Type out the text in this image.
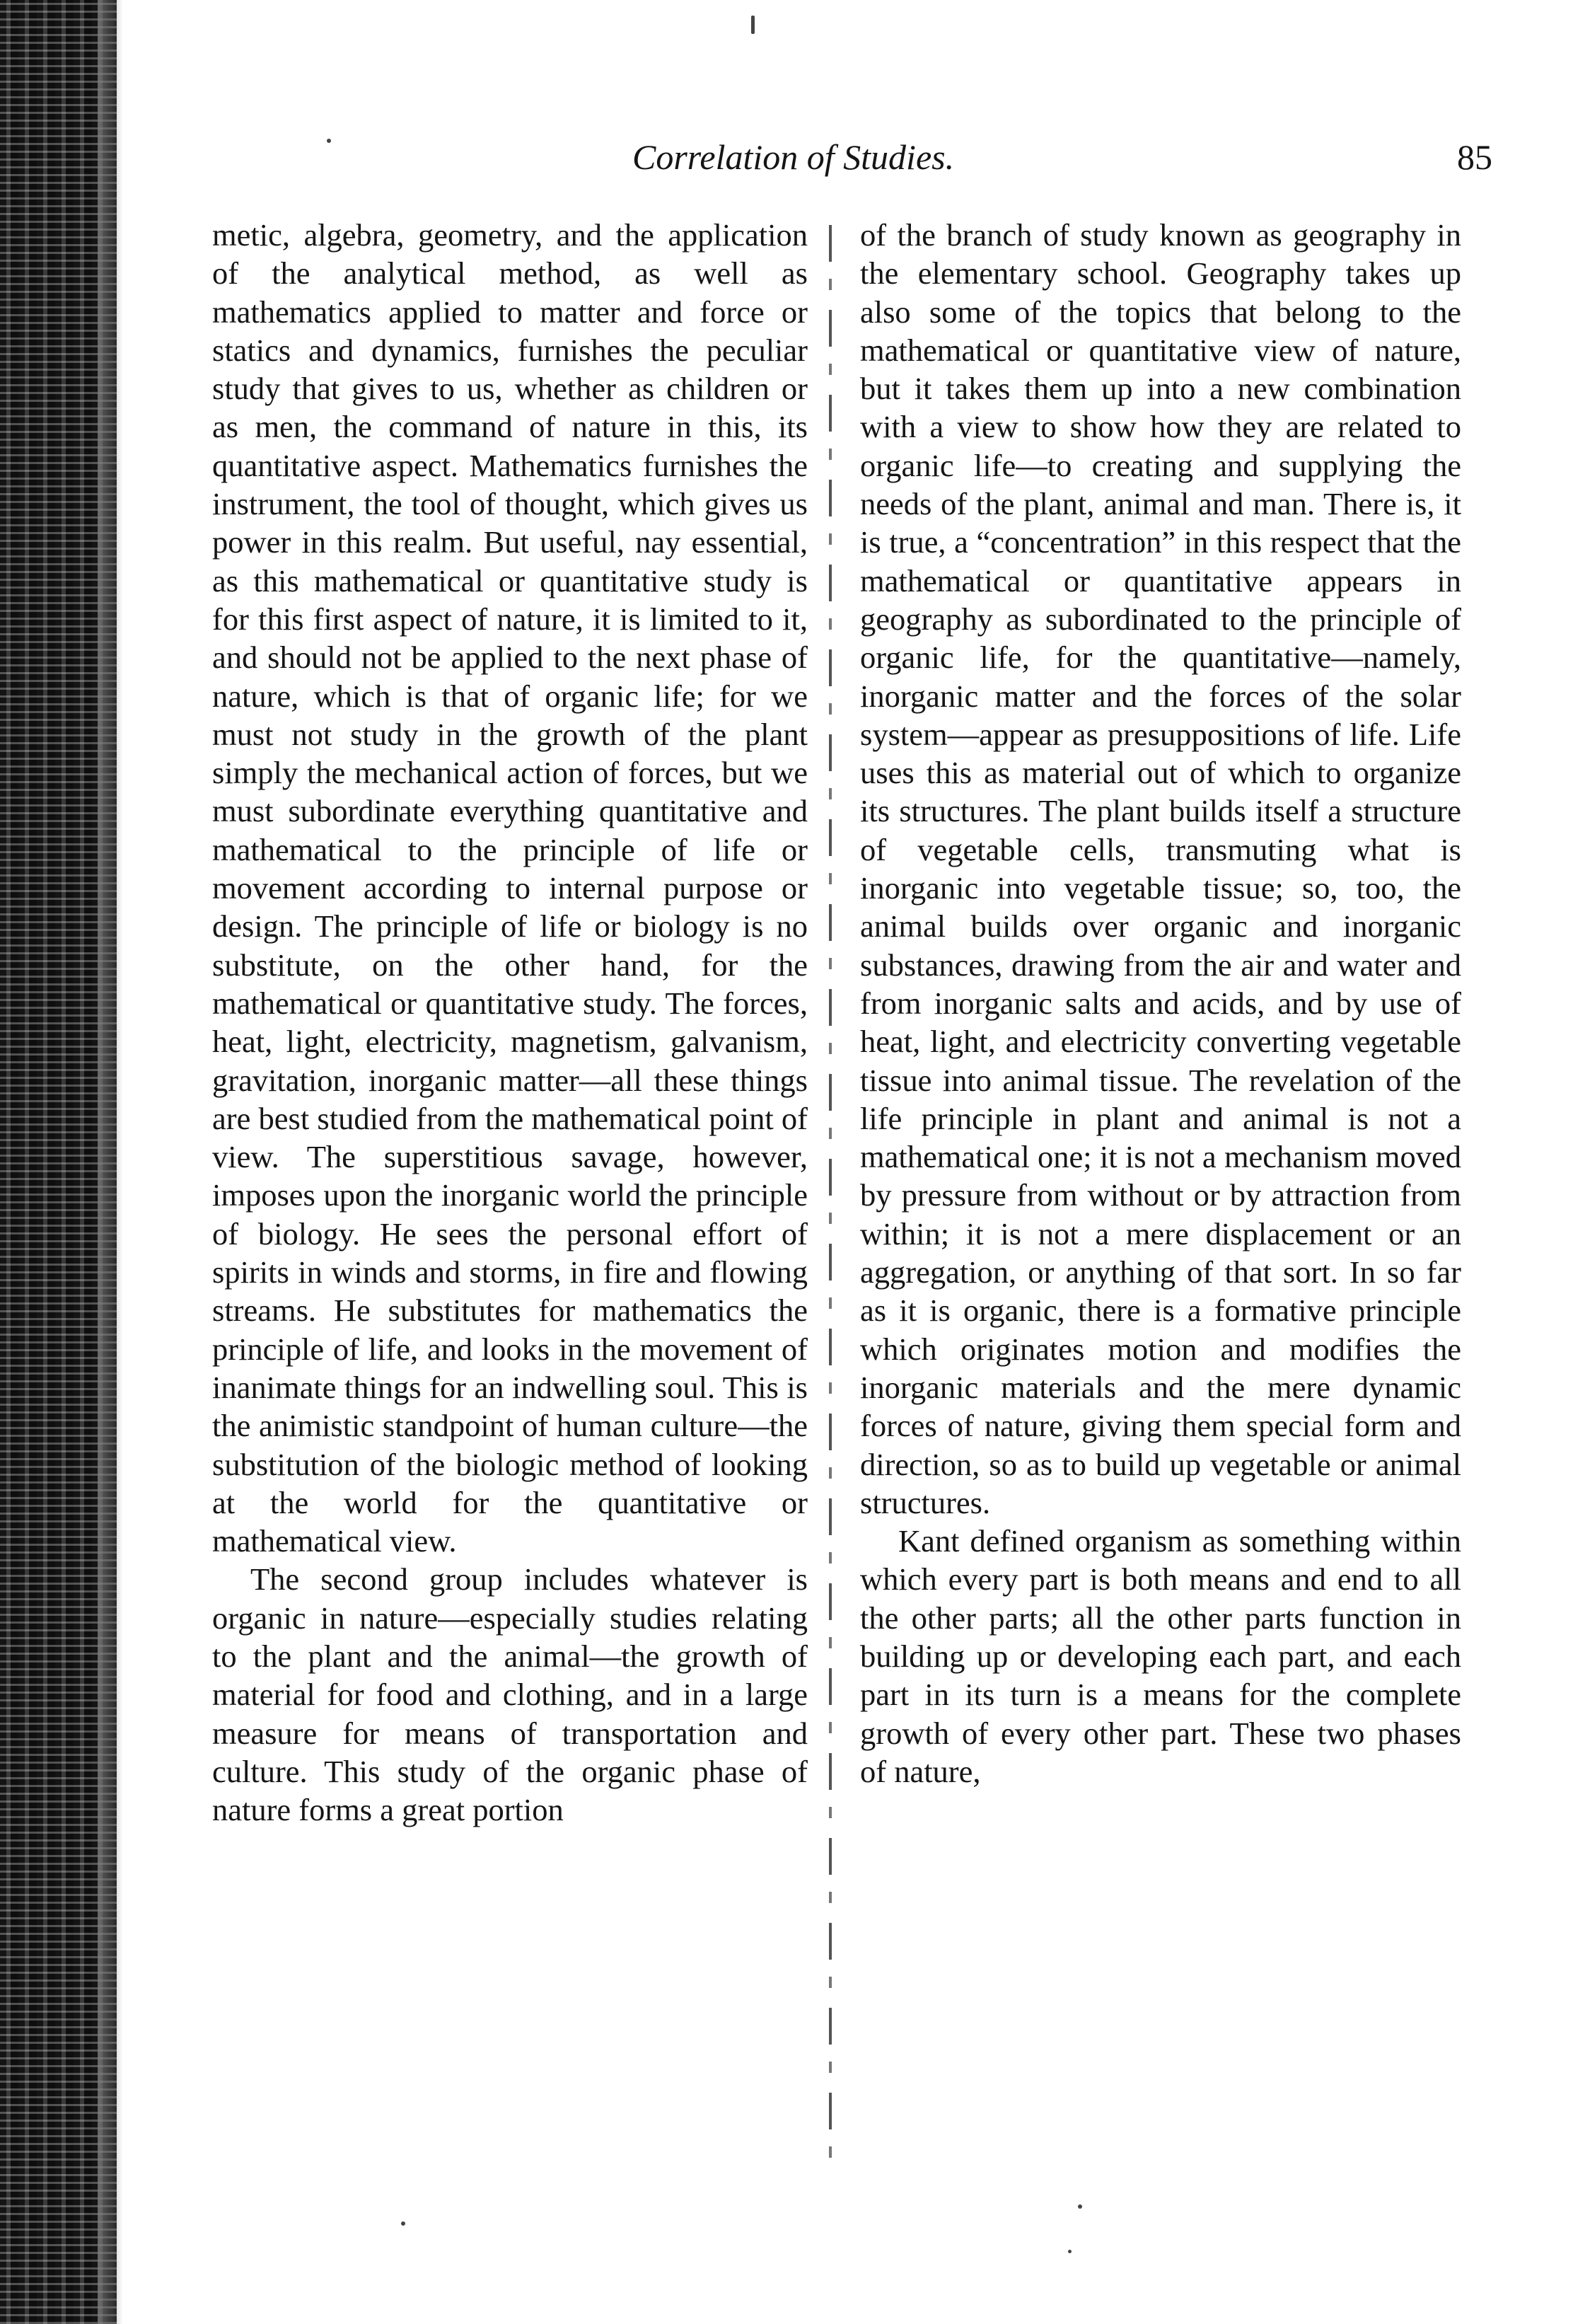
Correlation of Studies.	85

metic, algebra, geometry, and the application of the analytical method, as well as mathematics applied to matter and force or statics and dynamics, furnishes the peculiar study that gives to us, whether as children or as men, the command of nature in this, its quantitative aspect. Mathematics furnishes the instrument, the tool of thought, which gives us power in this realm. But useful, nay essential, as this mathematical or quantitative study is for this first aspect of nature, it is limited to it, and should not be applied to the next phase of nature, which is that of organic life; for we must not study in the growth of the plant simply the mechanical action of forces, but we must subordinate everything quantitative and mathematical to the principle of life or movement according to internal purpose or design. The principle of life or biology is no substitute, on the other hand, for the mathematical or quantitative study. The forces, heat, light, electricity, magnetism, galvanism, gravitation, inorganic matter—all these things are best studied from the mathematical point of view. The superstitious savage, however, imposes upon the inorganic world the principle of biology. He sees the personal effort of spirits in winds and storms, in fire and flowing streams. He substitutes for mathematics the principle of life, and looks in the movement of inanimate things for an indwelling soul. This is the animistic standpoint of human culture—the substitution of the biologic method of looking at the world for the quantitative or mathematical view.

The second group includes whatever is organic in nature—especially studies relating to the plant and the animal—the growth of material for food and clothing, and in a large measure for means of transportation and culture. This study of the organic phase of nature forms a great portion

of the branch of study known as geography in the elementary school. Geography takes up also some of the topics that belong to the mathematical or quantitative view of nature, but it takes them up into a new combination with a view to show how they are related to organic life—to creating and supplying the needs of the plant, animal and man. There is, it is true, a “concentration” in this respect that the mathematical or quantitative appears in geography as subordinated to the principle of organic life, for the quantitative—namely, inorganic matter and the forces of the solar system—appear as presuppositions of life. Life uses this as material out of which to organize its structures. The plant builds itself a structure of vegetable cells, transmuting what is inorganic into vegetable tissue; so, too, the animal builds over organic and inorganic substances, drawing from the air and water and from inorganic salts and acids, and by use of heat, light, and electricity converting vegetable tissue into animal tissue. The revelation of the life principle in plant and animal is not a mathematical one; it is not a mechanism moved by pressure from without or by attraction from within; it is not a mere displacement or an aggregation, or anything of that sort. In so far as it is organic, there is a formative principle which originates motion and modifies the inorganic materials and the mere dynamic forces of nature, giving them special form and direction, so as to build up vegetable or animal structures.

Kant defined organism as something within which every part is both means and end to all the other parts; all the other parts function in building up or developing each part, and each part in its turn is a means for the complete growth of every other part. These two phases of nature,
